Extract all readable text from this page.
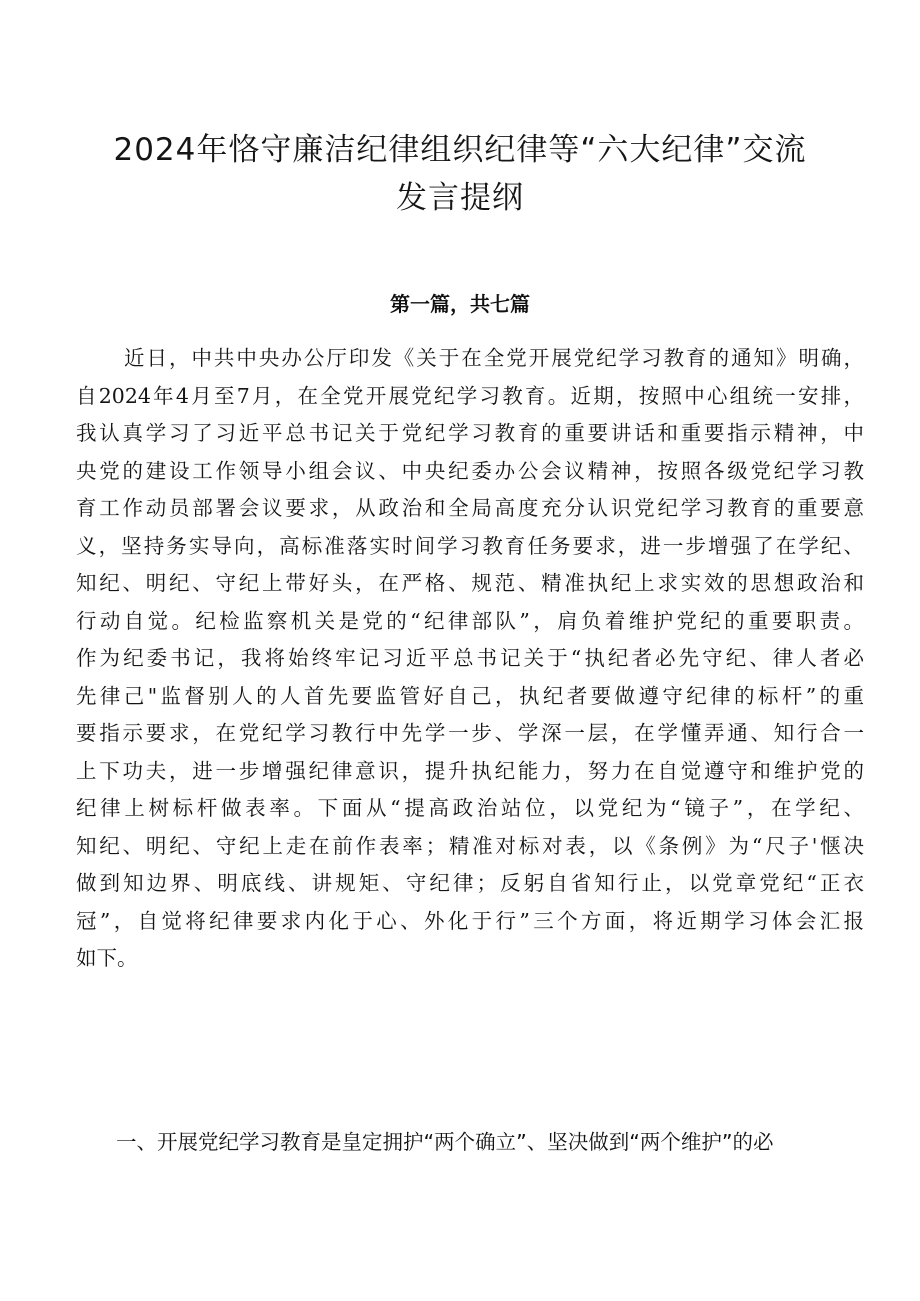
2024年恪守廉洁纪律组织纪律等“六大纪律”交流
发言提纲
第一篇，共七篇
近日，中共中央办公厅印发《关于在全党开展党纪学习教育的通知》明确，
自2024年4月至7月，在全党开展党纪学习教育。近期，按照中心组统一安排，
我认真学习了习近平总书记关于党纪学习教育的重要讲话和重要指示精神，中
央党的建设工作领导小组会议、中央纪委办公会议精神，按照各级党纪学习教
育工作动员部署会议要求，从政治和全局高度充分认识党纪学习教育的重要意
义，坚持务实导向，高标准落实时间学习教育任务要求，进一步增强了在学纪、
知纪、明纪、守纪上带好头，在严格、规范、精准执纪上求实效的思想政治和
行动自觉。纪检监察机关是党的“纪律部队”，肩负着维护党纪的重要职责。
作为纪委书记，我将始终牢记习近平总书记关于“执纪者必先守纪、律人者必
先律己"监督别人的人首先要监管好自己，执纪者要做遵守纪律的标杆”的重
要指示要求，在党纪学习教行中先学一步、学深一层，在学懂弄通、知行合一
上下功夫，进一步增强纪律意识，提升执纪能力，努力在自觉遵守和维护党的
纪律上树标杆做表率。下面从“提高政治站位，以党纪为“镜子”，在学纪、
知纪、明纪、守纪上走在前作表率；精准对标对表，以《条例》为“尺子'惬决
做到知边界、明底线、讲规矩、守纪律；反躬自省知行止，以党章党纪“正衣
冠”，自觉将纪律要求内化于心、外化于行”三个方面，将近期学习体会汇报
如下。
一、开展党纪学习教育是皇定拥护“两个确立”、坚决做到“两个维护”的必
